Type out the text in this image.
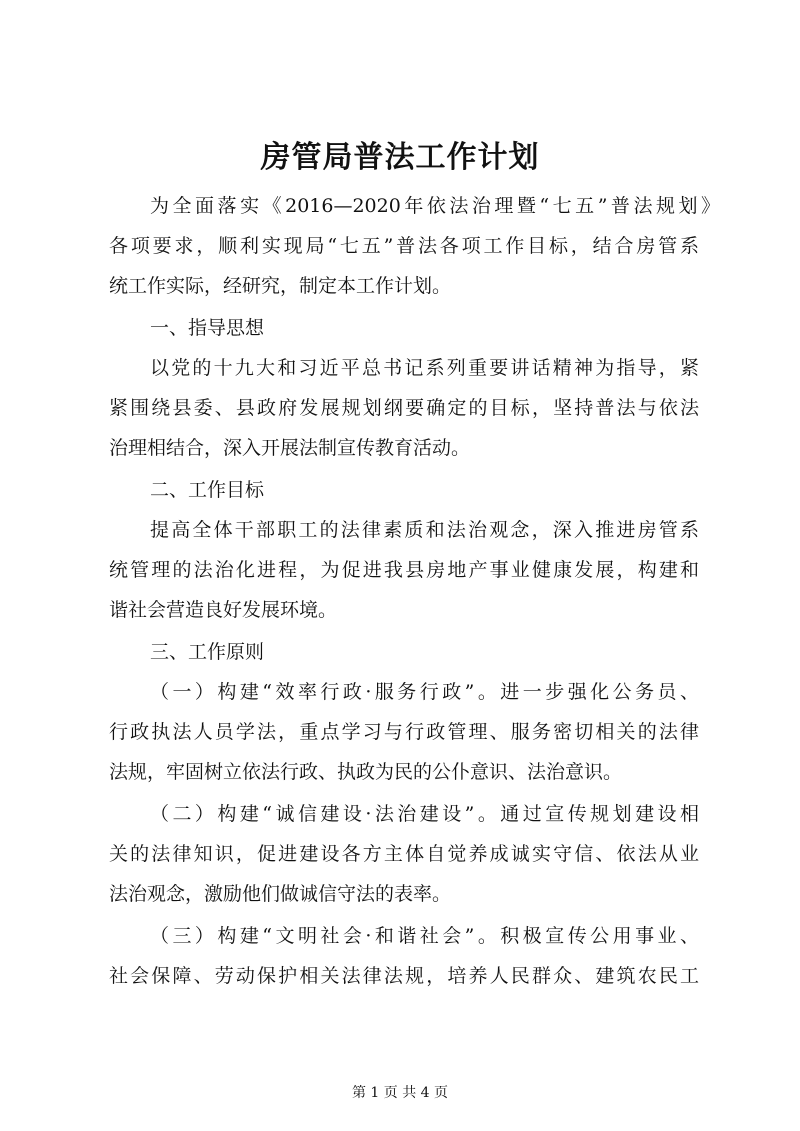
房管局普法工作计划
为全面落实《2016—2020年依法治理暨“七五”普法规划》
各项要求，顺利实现局“七五”普法各项工作目标，结合房管系
统工作实际，经研究，制定本工作计划。
一、指导思想
以党的十九大和习近平总书记系列重要讲话精神为指导，紧
紧围绕县委、县政府发展规划纲要确定的目标，坚持普法与依法
治理相结合，深入开展法制宣传教育活动。
二、工作目标
提高全体干部职工的法律素质和法治观念，深入推进房管系
统管理的法治化进程，为促进我县房地产事业健康发展，构建和
谐社会营造良好发展环境。
三、工作原则
（一）构建“效率行政·服务行政”。进一步强化公务员、
行政执法人员学法，重点学习与行政管理、服务密切相关的法律
法规，牢固树立依法行政、执政为民的公仆意识、法治意识。
（二）构建“诚信建设·法治建设”。通过宣传规划建设相
关的法律知识，促进建设各方主体自觉养成诚实守信、依法从业
法治观念，激励他们做诚信守法的表率。
（三）构建“文明社会·和谐社会”。积极宣传公用事业、
社会保障、劳动保护相关法律法规，培养人民群众、建筑农民工
第 1 页 共 4 页
